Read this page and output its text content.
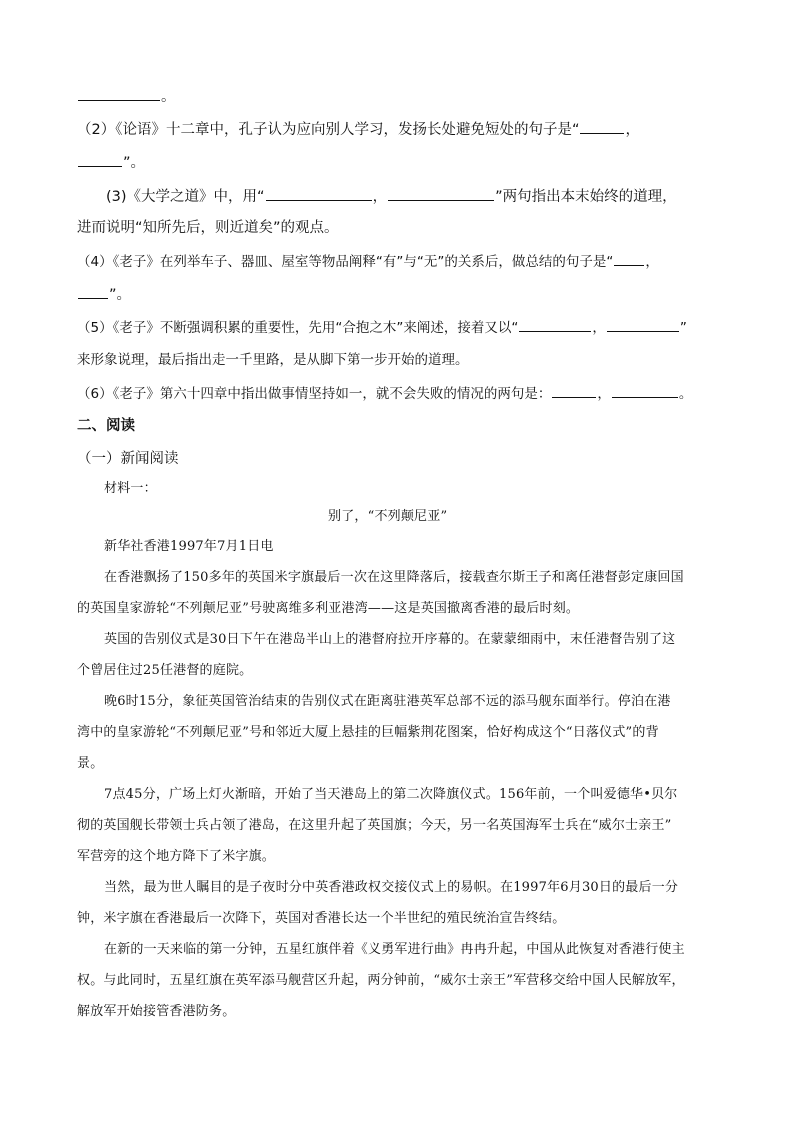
。
（2）《论语》十二章中，孔子认为应向别人学习，发扬长处避免短处的句子是“	，
”。
(3)《大学之道》中，用“	，	”两句指出本末始终的道理，
进而说明“知所先后，则近道矣”的观点。
（4）《老子》在列举车子、器皿、屋室等物品阐释“有”与“无”的关系后，做总结的句子是“ ，
”。
（5）《老子》不断强调积累的重要性，先用“合抱之木”来阐述，接着又以“	，	”
来形象说理，最后指出走一千里路，是从脚下第一步开始的道理。
（6）《老子》第六十四章中指出做事情坚持如一，就不会失败的情况的两句是：	，	。
二、阅读
（一）新闻阅读
材料一：
别了，“不列颠尼亚”
新华社香港1997年7月1日电
在香港飘扬了150多年的英国米字旗最后一次在这里降落后，接载查尔斯王子和离任港督彭定康回国
的英国皇家游轮“不列颠尼亚”号驶离维多利亚港湾——这是英国撤离香港的最后时刻。
英国的告别仪式是30日下午在港岛半山上的港督府拉开序幕的。在蒙蒙细雨中，末任港督告别了这
个曾居住过25任港督的庭院。
晚6时15分，象征英国管治结束的告别仪式在距离驻港英军总部不远的添马舰东面举行。停泊在港
湾中的皇家游轮“不列颠尼亚”号和邻近大厦上悬挂的巨幅紫荆花图案，恰好构成这个“日落仪式”的背
景。
7点45分，广场上灯火渐暗，开始了当天港岛上的第二次降旗仪式。156年前，一个叫爱德华•贝尔
彻的英国舰长带领士兵占领了港岛，在这里升起了英国旗；今天，另一名英国海军士兵在“威尔士亲王”
军营旁的这个地方降下了米字旗。
当然，最为世人瞩目的是子夜时分中英香港政权交接仪式上的易帜。在1997年6月30日的最后一分
钟，米字旗在香港最后一次降下，英国对香港长达一个半世纪的殖民统治宣告终结。
在新的一天来临的第一分钟，五星红旗伴着《义勇军进行曲》冉冉升起，中国从此恢复对香港行使主
权。与此同时，五星红旗在英军添马舰营区升起，两分钟前，“威尔士亲王”军营移交给中国人民解放军，
解放军开始接管香港防务。
